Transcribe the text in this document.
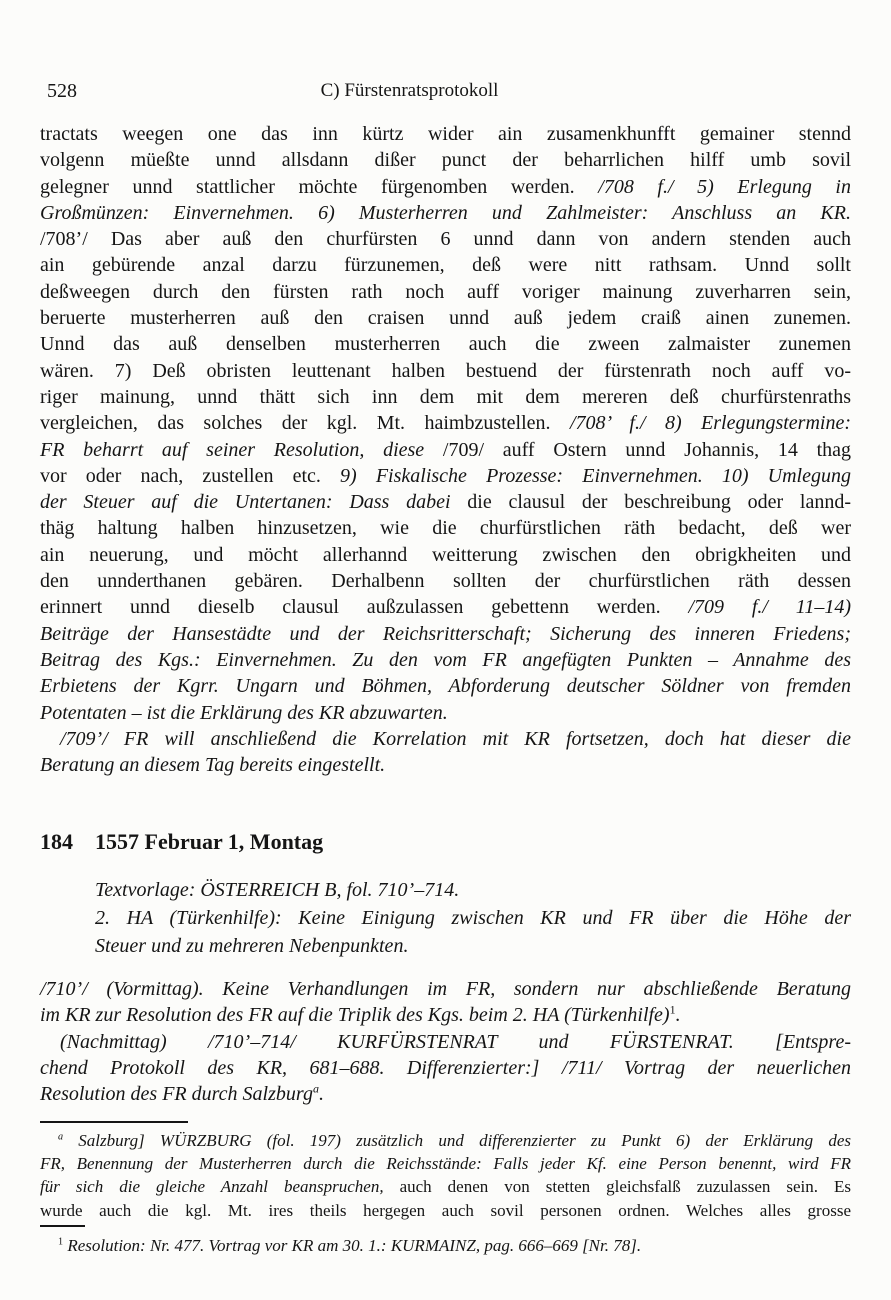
528	C) Fürstenratsprotokoll
tractats weegen one das inn kürtz wider ain zusamenkhunfft gemainer stennd
volgenn müeßte unnd allsdann dißer punct der beharrlichen hilff umb sovil
gelegner unnd stattlicher möchte fürgenomben werden. /708 f./ 5) Erlegung in
Großmünzen: Einvernehmen. 6) Musterherren und Zahlmeister: Anschluss an KR.
/708’/ Das aber auß den churfürsten 6 unnd dann von andern stenden auch
ain gebürende anzal darzu fürzunemen, deß were nitt rathsam. Unnd sollt
deßweegen durch den fürsten rath noch auff voriger mainung zuverharren sein,
beruerte musterherren auß den craisen unnd auß jedem craiß ainen zunemen.
Unnd das auß denselben musterherren auch die zween zalmaister zunemen
wären. 7) Deß obristen leuttenant halben bestuend der fürstenrath noch auff vo-
riger mainung, unnd thätt sich inn dem mit dem mereren deß churfürstenraths
vergleichen, das solches der kgl. Mt. haimbzustellen. /708’ f./ 8) Erlegungstermine:
FR beharrt auf seiner Resolution, diese /709/ auff Ostern unnd Johannis, 14 thag
vor oder nach, zustellen etc. 9) Fiskalische Prozesse: Einvernehmen. 10) Umlegung
der Steuer auf die Untertanen: Dass dabei die clausul der beschreibung oder lannd-
thäg haltung halben hinzusetzen, wie die churfürstlichen räth bedacht, deß wer
ain neuerung, und möcht allerhannd weitterung zwischen den obrigkheiten und
den unnderthanen gebären. Derhalbenn sollten der churfürstlichen räth dessen
erinnert unnd dieselb clausul außzulassen gebettenn werden. /709 f./ 11–14)
Beiträge der Hansestädte und der Reichsritterschaft; Sicherung des inneren Friedens;
Beitrag des Kgs.: Einvernehmen. Zu den vom FR angefügten Punkten – Annahme des
Erbietens der Kgrr. Ungarn und Böhmen, Abforderung deutscher Söldner von fremden
Potentaten – ist die Erklärung des KR abzuwarten.
/709’/ FR will anschließend die Korrelation mit KR fortsetzen, doch hat dieser die
Beratung an diesem Tag bereits eingestellt.
184	1557 Februar 1, Montag
Textvorlage: ÖSTERREICH B, fol. 710’–714.
2. HA (Türkenhilfe): Keine Einigung zwischen KR und FR über die Höhe der
Steuer und zu mehreren Nebenpunkten.
/710’/ (Vormittag). Keine Verhandlungen im FR, sondern nur abschließende Beratung
im KR zur Resolution des FR auf die Triplik des Kgs. beim 2. HA (Türkenhilfe)$^1$.
(Nachmittag) /710’–714/ KURFÜRSTENRAT und FÜRSTENRAT. [Entspre-
chend Protokoll des KR, 681–688. Differenzierter:] /711/ Vortrag der neuerlichen
Resolution des FR durch Salzburg$^a$.
$^a$ Salzburg] WÜRZBURG (fol. 197) zusätzlich und differenzierter zu Punkt 6) der Erklärung des
FR, Benennung der Musterherren durch die Reichsstände: Falls jeder Kf. eine Person benennt, wird FR
für sich die gleiche Anzahl beanspruchen, auch denen von stetten gleichsfalß zuzulassen sein. Es
wurde auch die kgl. Mt. ires theils hergegen auch sovil personen ordnen. Welches alles grosse
$^1$ Resolution: Nr. 477. Vortrag vor KR am 30. 1.: KURMAINZ, pag. 666–669 [Nr. 78].
